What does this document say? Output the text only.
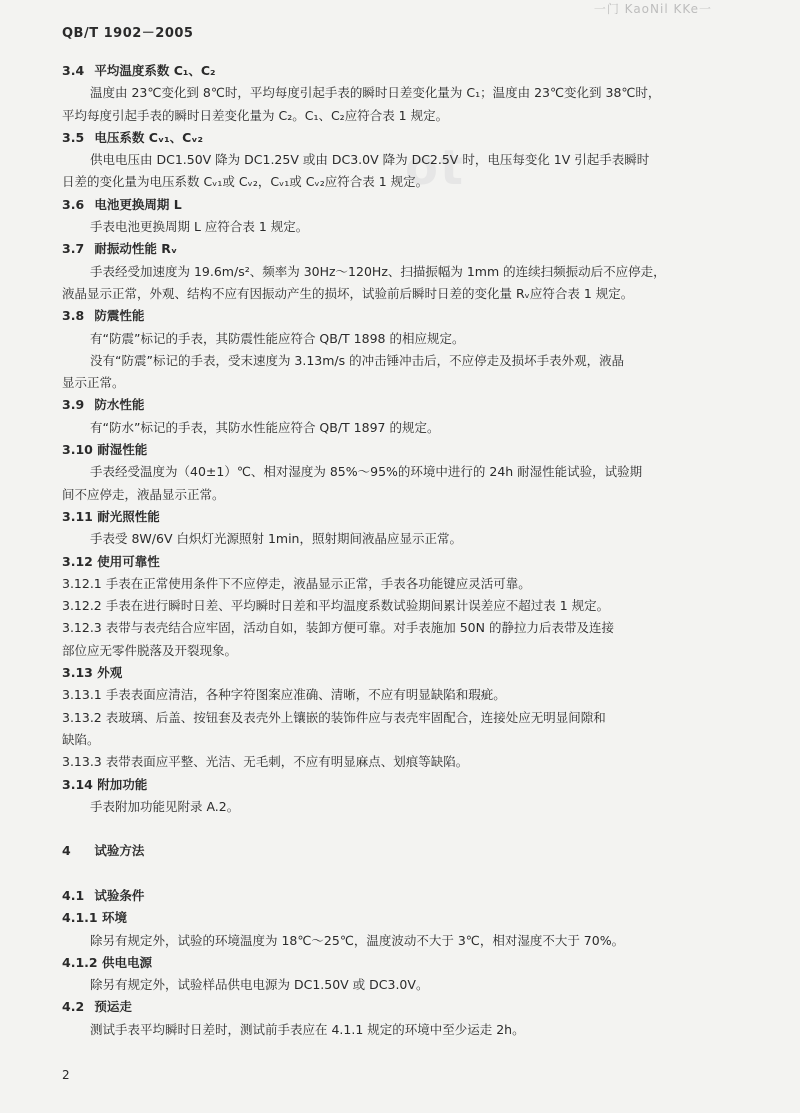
一门 KaoNil KKe一
QB/T 1902－2005
ot
3.4 平均温度系数 C₁、C₂
温度由 23℃变化到 8℃时，平均每度引起手表的瞬时日差变化量为 C₁；温度由 23℃变化到 38℃时，
平均每度引起手表的瞬时日差变化量为 C₂。C₁、C₂应符合表 1 规定。
3.5 电压系数 Cᵥ₁、Cᵥ₂
供电电压由 DC1.50V 降为 DC1.25V 或由 DC3.0V 降为 DC2.5V 时，电压每变化 1V 引起手表瞬时
日差的变化量为电压系数 Cᵥ₁或 Cᵥ₂，Cᵥ₁或 Cᵥ₂应符合表 1 规定。
3.6 电池更换周期 L
手表电池更换周期 L 应符合表 1 规定。
3.7 耐振动性能 Rᵥ
手表经受加速度为 19.6m/s²、频率为 30Hz～120Hz、扫描振幅为 1mm 的连续扫频振动后不应停走，
液晶显示正常，外观、结构不应有因振动产生的损坏，试验前后瞬时日差的变化量 Rᵥ应符合表 1 规定。
3.8 防震性能
有“防震”标记的手表，其防震性能应符合 QB/T 1898 的相应规定。
没有“防震”标记的手表，受末速度为 3.13m/s 的冲击锤冲击后，不应停走及损坏手表外观，液晶
显示正常。
3.9 防水性能
有“防水”标记的手表，其防水性能应符合 QB/T 1897 的规定。
3.10 耐湿性能
手表经受温度为（40±1）℃、相对湿度为 85%～95%的环境中进行的 24h 耐湿性能试验，试验期
间不应停走，液晶显示正常。
3.11 耐光照性能
手表受 8W/6V 白炽灯光源照射 1min，照射期间液晶应显示正常。
3.12 使用可靠性
3.12.1 手表在正常使用条件下不应停走，液晶显示正常，手表各功能键应灵活可靠。
3.12.2 手表在进行瞬时日差、平均瞬时日差和平均温度系数试验期间累计误差应不超过表 1 规定。
3.12.3 表带与表壳结合应牢固，活动自如，装卸方便可靠。对手表施加 50N 的静拉力后表带及连接
部位应无零件脱落及开裂现象。
3.13 外观
3.13.1 手表表面应清洁，各种字符图案应准确、清晰，不应有明显缺陷和瑕疵。
3.13.2 表玻璃、后盖、按钮套及表壳外上镶嵌的装饰件应与表壳牢固配合，连接处应无明显间隙和
缺陷。
3.13.3 表带表面应平整、光洁、无毛刺，不应有明显麻点、划痕等缺陷。
3.14 附加功能
手表附加功能见附录 A.2。
4 试验方法
4.1 试验条件
4.1.1 环境
除另有规定外，试验的环境温度为 18℃～25℃，温度波动不大于 3℃，相对湿度不大于 70%。
4.1.2 供电电源
除另有规定外，试验样品供电电源为 DC1.50V 或 DC3.0V。
4.2 预运走
测试手表平均瞬时日差时，测试前手表应在 4.1.1 规定的环境中至少运走 2h。
2
